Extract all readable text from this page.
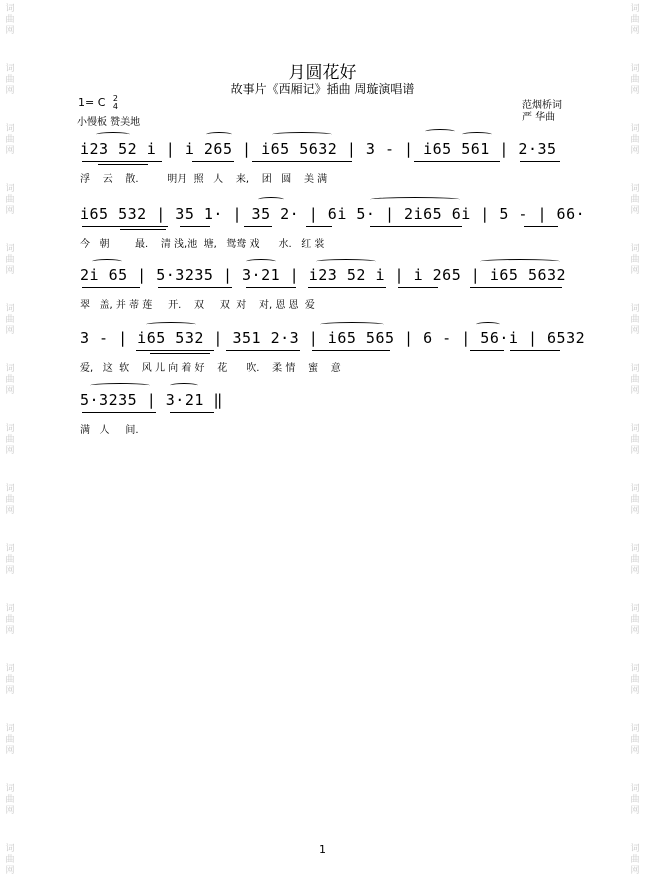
词曲网
词曲网
词曲网
词曲网
词曲网
词曲网
词曲网
词曲网
词曲网
词曲网
词曲网
词曲网
词曲网
词曲网
词曲网
词曲网
词曲网
词曲网
词曲网
词曲网
词曲网
词曲网
词曲网
词曲网
词曲网
词曲网
词曲网
词曲网
词曲网
词曲网
月圆花好
故事片《西厢记》插曲 周璇演唱谱
1= C 2
4
小慢板 赞美地
范烟桥词
严 华曲
i23 52 i | i 265 | i65 5632 | 3 - | i65 561 | 2·35
浮    云    散.         明月  照   人    来,    团   圆    美 满
i65 532 | 35 1· | 35 2· | 6i 5· | 2i65 6i | 5 - | 66·
今   朝        最.    清 浅,池  塘,   鸳鸯 戏      水.   红 裳
2i 65 | 5·3235 | 3·21 | i23 52 i | i 265 | i65 5632
翠   盖, 并 蒂 莲     开.    双     双  对    对, 恩 恩  爱
3 - | i65 532 | 351 2·3 | i65 565 | 6 - | 56·i | 6532
爱,   这  软    风 儿 向 着 好    花      吹.    柔 情    蜜    意
5·3235 | 3·21 ‖
满   人     间.
1
